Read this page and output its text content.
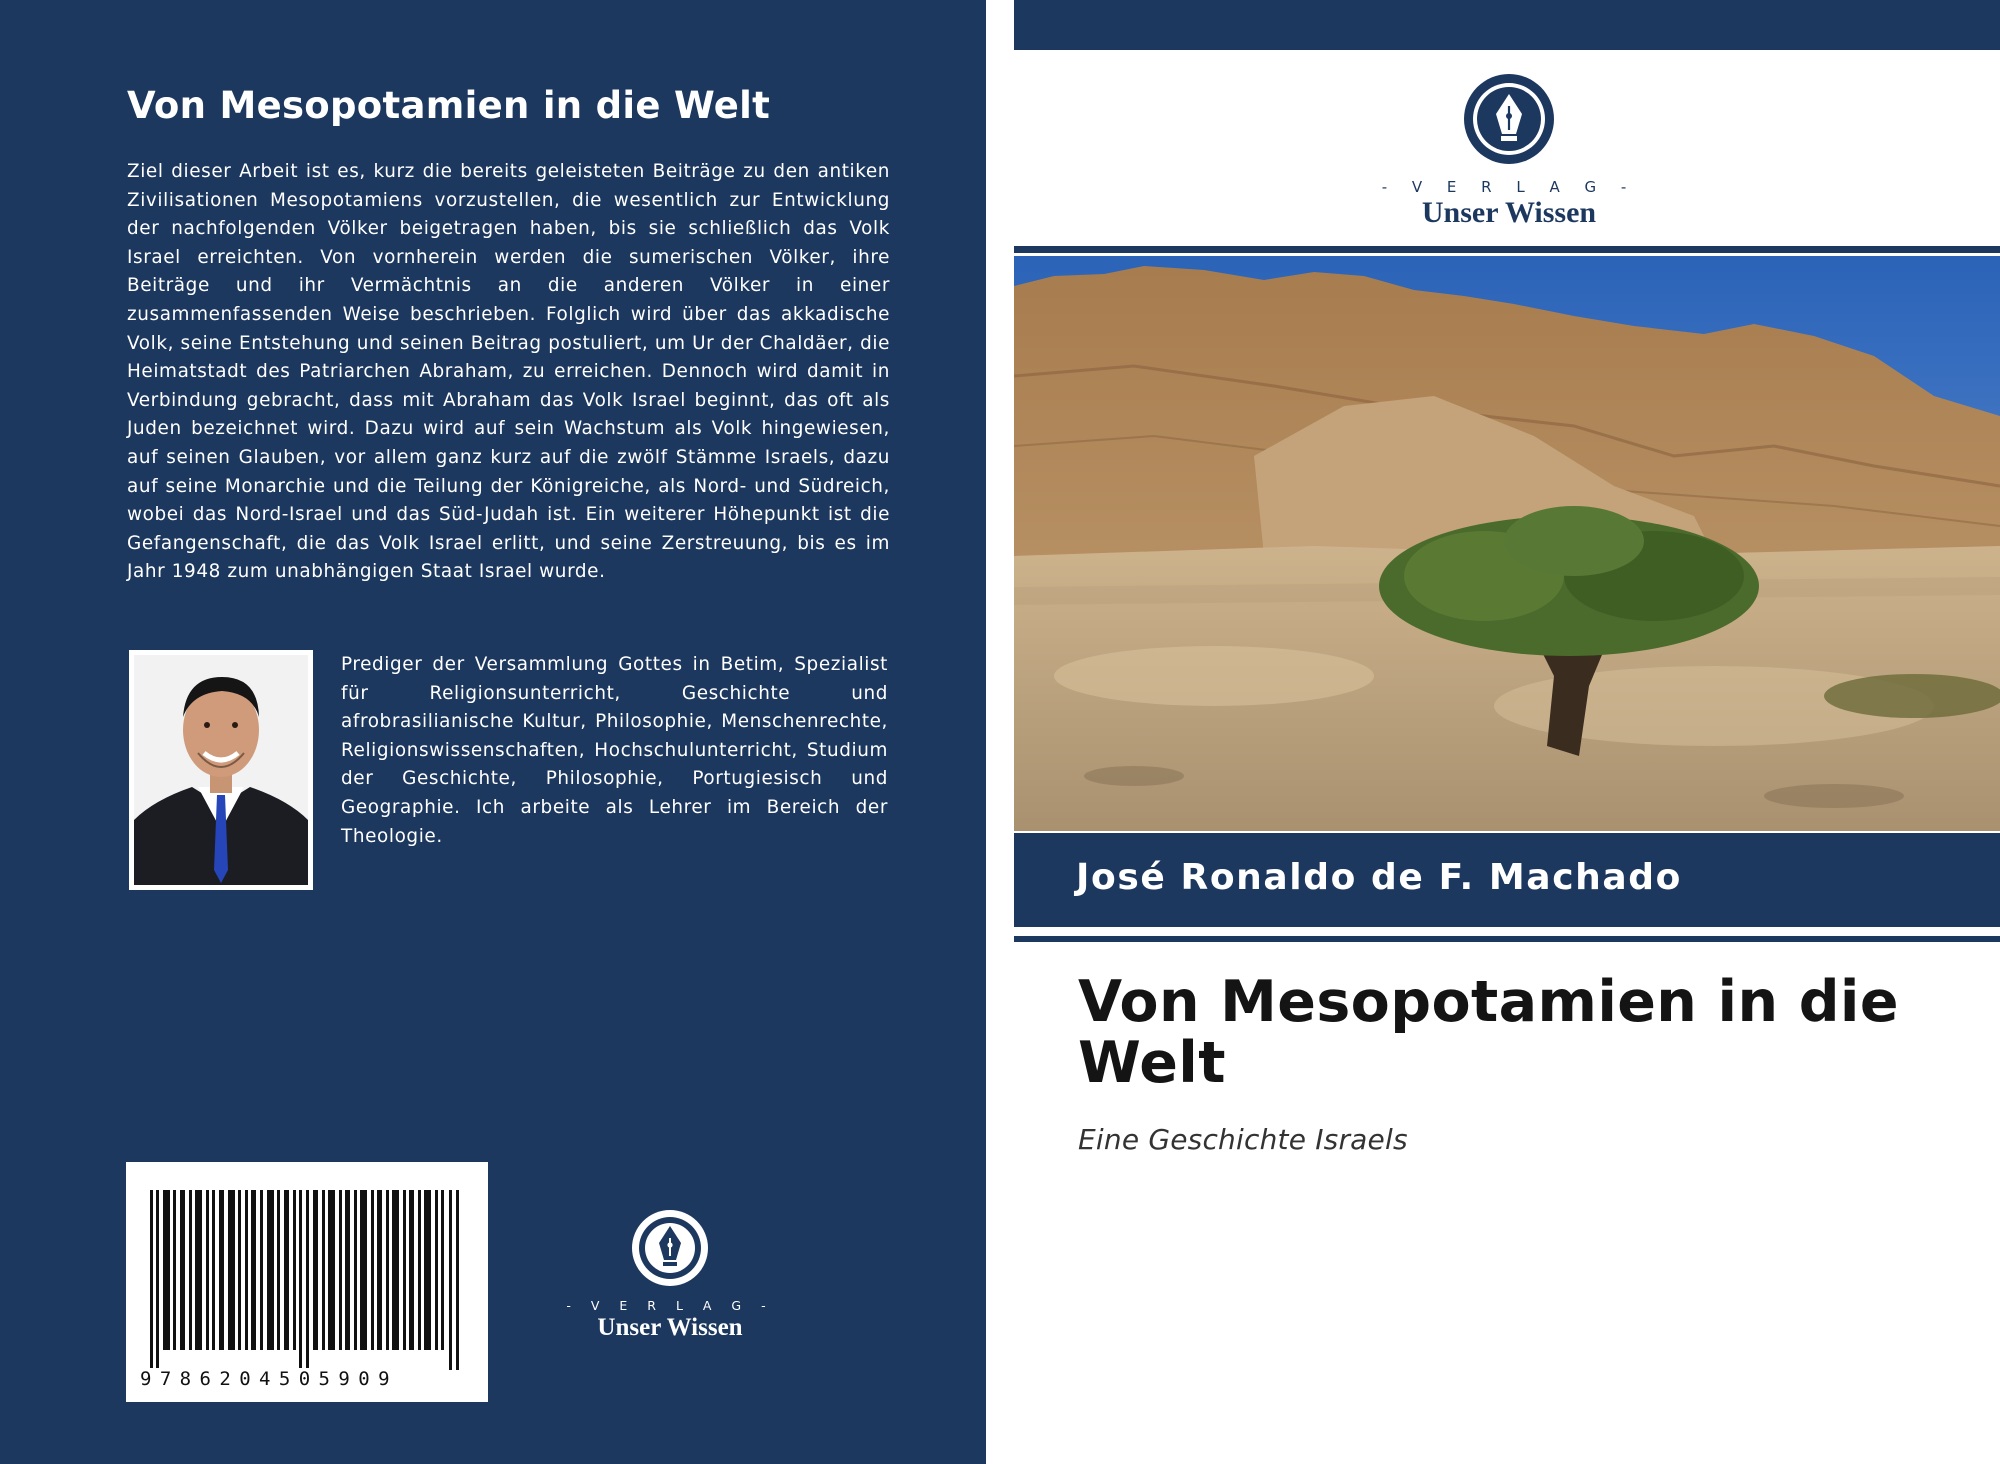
Von Mesopotamien in die Welt

Ziel dieser Arbeit ist es, kurz die bereits geleisteten Beiträge zu den antiken Zivilisationen Mesopotamiens vorzustellen, die wesentlich zur Entwicklung der nachfolgenden Völker beigetragen haben, bis sie schließlich das Volk Israel erreichten. Von vornherein werden die sumerischen Völker, ihre Beiträge und ihr Vermächtnis an die anderen Völker in einer zusammenfassenden Weise beschrieben. Folglich wird über das akkadische Volk, seine Entstehung und seinen Beitrag postuliert, um Ur der Chaldäer, die Heimatstadt des Patriarchen Abraham, zu erreichen. Dennoch wird damit in Verbindung gebracht, dass mit Abraham das Volk Israel beginnt, das oft als Juden bezeichnet wird. Dazu wird auf sein Wachstum als Volk hingewiesen, auf seinen Glauben, vor allem ganz kurz auf die zwölf Stämme Israels, dazu auf seine Monarchie und die Teilung der Königreiche, als Nord- und Südreich, wobei das Nord-Israel und das Süd-Judah ist. Ein weiterer Höhepunkt ist die Gefangenschaft, die das Volk Israel erlitt, und seine Zerstreuung, bis es im Jahr 1948 zum unabhängigen Staat Israel wurde.

Prediger der Versammlung Gottes in Betim, Spezialist für Religionsunterricht, Geschichte und afrobrasilianische Kultur, Philosophie, Menschenrechte, Religionswissenschaften, Hochschulunterricht, Studium der Geschichte, Philosophie, Portugiesisch und Geographie. Ich arbeite als Lehrer im Bereich der Theologie.

9786204505909
- V E R L A G -
Unser Wissen
- V E R L A G -
Unser Wissen
José Ronaldo de F. Machado
Von Mesopotamien in die Welt

Eine Geschichte Israels
